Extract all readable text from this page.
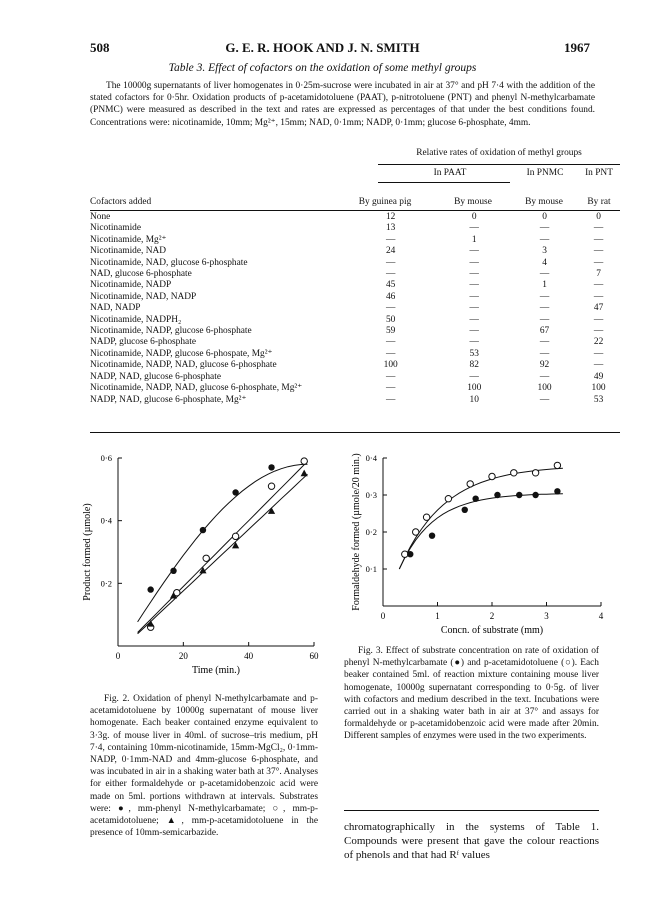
508	G. E. R. HOOK AND J. N. SMITH	1967
Table 3. Effect of cofactors on the oxidation of some methyl groups

The 10000g supernatants of liver homogenates in 0·25m-sucrose were incubated in air at 37° and pH 7·4 with the addition of the stated cofactors for 0·5hr. Oxidation products of p-acetamidotoluene (PAAT), p-nitrotoluene (PNT) and phenyl N-methylcarbamate (PNMC) were measured as described in the text and rates are expressed as percentages of that under the best conditions found. Concentrations were: nicotinamide, 10mm; Mg²⁺, 15mm; NAD, 0·1mm; NADP, 0·1mm; glucose 6-phosphate, 4mm.

Relative rates of oxidation of methyl groups
In PAAT	In PNMC	In PNT
Cofactors added	By guinea pig	By mouse	By mouse	By rat
None	12	0	0	0
Nicotinamide	13	—	—	—
Nicotinamide, Mg²⁺	—	1	—	—
Nicotinamide, NAD	24	—	3	—
Nicotinamide, NAD, glucose 6-phosphate	—	—	4	—
NAD, glucose 6-phosphate	—	—	—	7
Nicotinamide, NADP	45	—	1	—
Nicotinamide, NAD, NADP	46	—	—	—
NAD, NADP	—	—	—	47
Nicotinamide, NADPH₂	50	—	—	—
Nicotinamide, NADP, glucose 6-phosphate	59	—	67	—
NADP, glucose 6-phosphate	—	—	—	22
Nicotinamide, NADP, glucose 6-phospate, Mg²⁺	—	53	—	—
Nicotinamide, NADP, NAD, glucose 6-phosphate	100	82	92	—
NADP, NAD, glucose 6-phosphate	—	—	—	49
Nicotinamide, NADP, NAD, glucose 6-phosphate, Mg²⁺	—	100	100	100
NADP, NAD, glucose 6-phosphate, Mg²⁺	—	10	—	53
0	20	40	60
0·2
0·4
0·6
Time (min.)
Product formed (µmole)

Fig. 2. Oxidation of phenyl N-methylcarbamate and p-acetamidotoluene by 10000g supernatant of mouse liver homogenate. Each beaker contained enzyme equivalent to 3·3g. of mouse liver in 40ml. of sucrose–tris medium, pH 7·4, containing 10mm-nicotinamide, 15mm-MgCl₂, 0·1mm-NADP, 0·1mm-NAD and 4mm-glucose 6-phosphate, and was incubated in air in a shaking water bath at 37°. Analyses for either formaldehyde or p-acetamidobenzoic acid were made on 5ml. portions withdrawn at intervals. Substrates were: ●, mm-phenyl N-methylcarbamate; ○, mm-p-acetamidotoluene; ▲, mm-p-acetamidotoluene in the presence of 10mm-semicarbazide.

0	1	2	3	4
0·1
0·2
0·3
0·4
Concn. of substrate (mm)
Formaldehyde formed (µmole/20 min.)

Fig. 3. Effect of substrate concentration on rate of oxidation of phenyl N-methylcarbamate (●) and p-acetamidotoluene (○). Each beaker contained 5ml. of reaction mixture containing mouse liver homogenate, 10000g supernatant corresponding to 0·5g. of liver with cofactors and medium described in the text. Incubations were carried out in a shaking water bath in air at 37° and assays for formaldehyde or p-acetamidobenzoic acid were made after 20min. Different samples of enzymes were used in the two experiments.

chromatographically in the systems of Table 1. Compounds were present that gave the colour reactions of phenols and that had Rᶠ values
